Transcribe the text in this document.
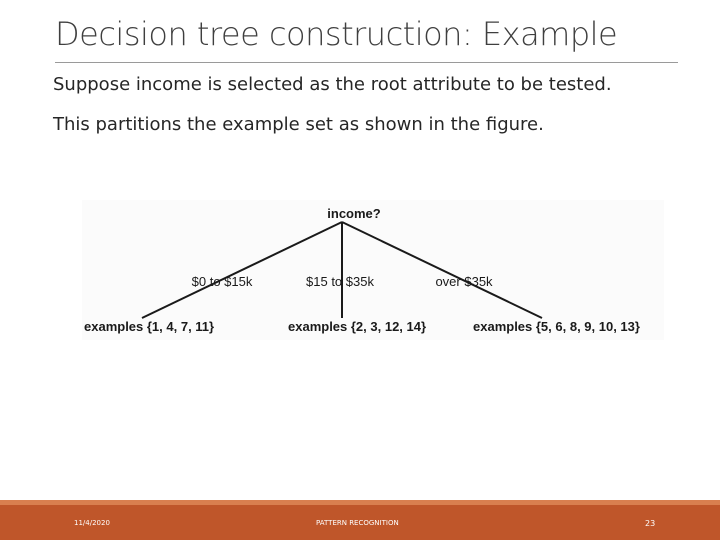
Decision tree construction: Example
Suppose income is selected as the root attribute to be tested.
This partitions the example set as shown in the figure.
income?
$0 to $15k	$15 to $35k	over $35k
examples {1, 4, 7, 11}	examples {2, 3, 12, 14}	examples {5, 6, 8, 9, 10, 13}
11/4/2020	PATTERN RECOGNITION	23
